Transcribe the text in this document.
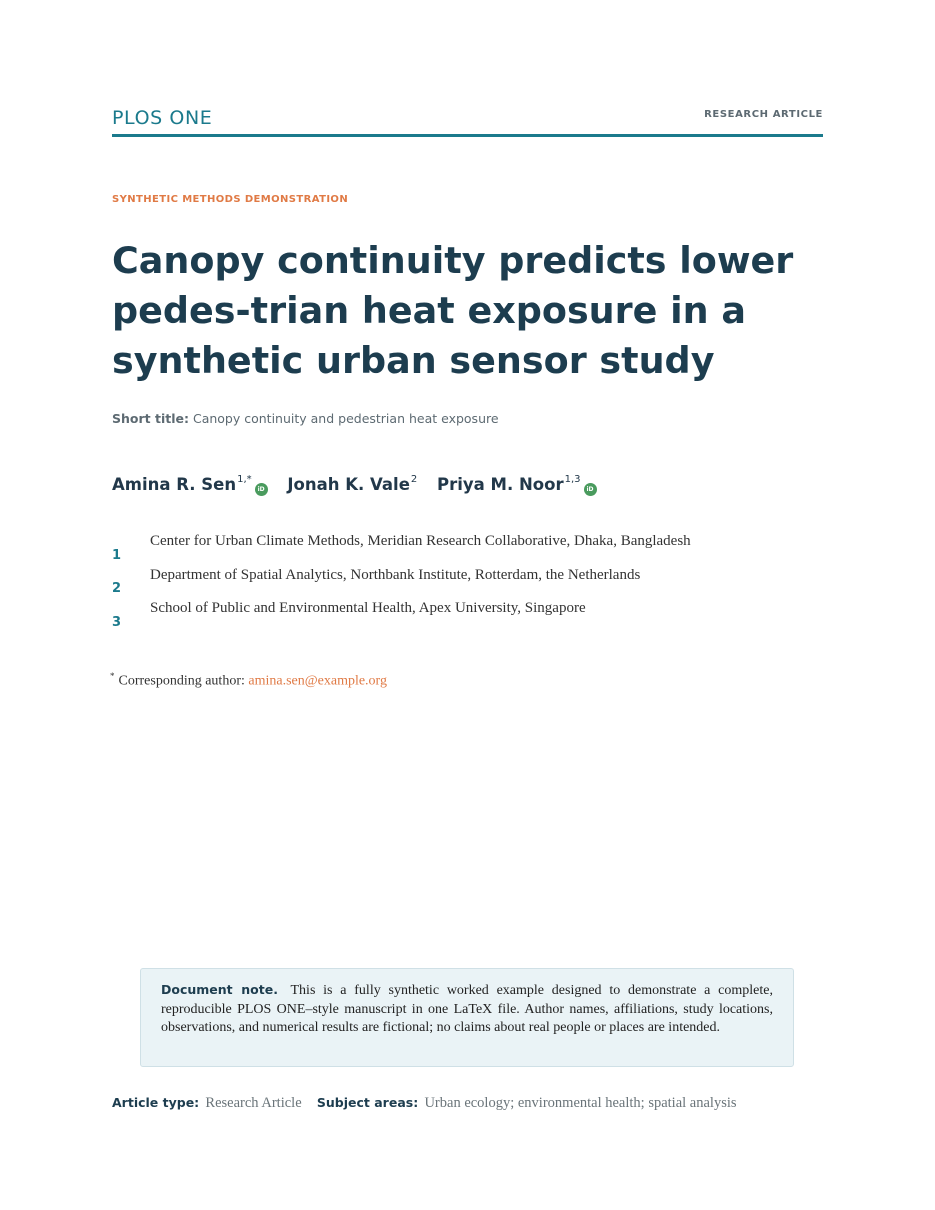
PLOS ONE	RESEARCH ARTICLE
SYNTHETIC METHODS DEMONSTRATION
Canopy continuity predicts lower pedes-trian heat exposure in a synthetic urban sensor study
Short title: Canopy continuity and pedestrian heat exposure
Amina R. Sen$^{1,*}$iD Jonah K. Vale$^2$ Priya M. Noor$^{1,3}$iD
1
Center for Urban Climate Methods, Meridian Research Collaborative, Dhaka, Bangladesh
2
Department of Spatial Analytics, Northbank Institute, Rotterdam, the Netherlands
3
School of Public and Environmental Health, Apex University, Singapore
* Corresponding author: amina.sen@example.org
Document note. This is a fully synthetic worked example designed to demonstrate a complete, reproducible PLOS ONE–style manuscript in one LaTeX file. Author names, affiliations, study locations, observations, and numerical results are fictional; no claims about real people or places are intended.
Article type: Research Article Subject areas: Urban ecology; environmental health; spatial analysis
